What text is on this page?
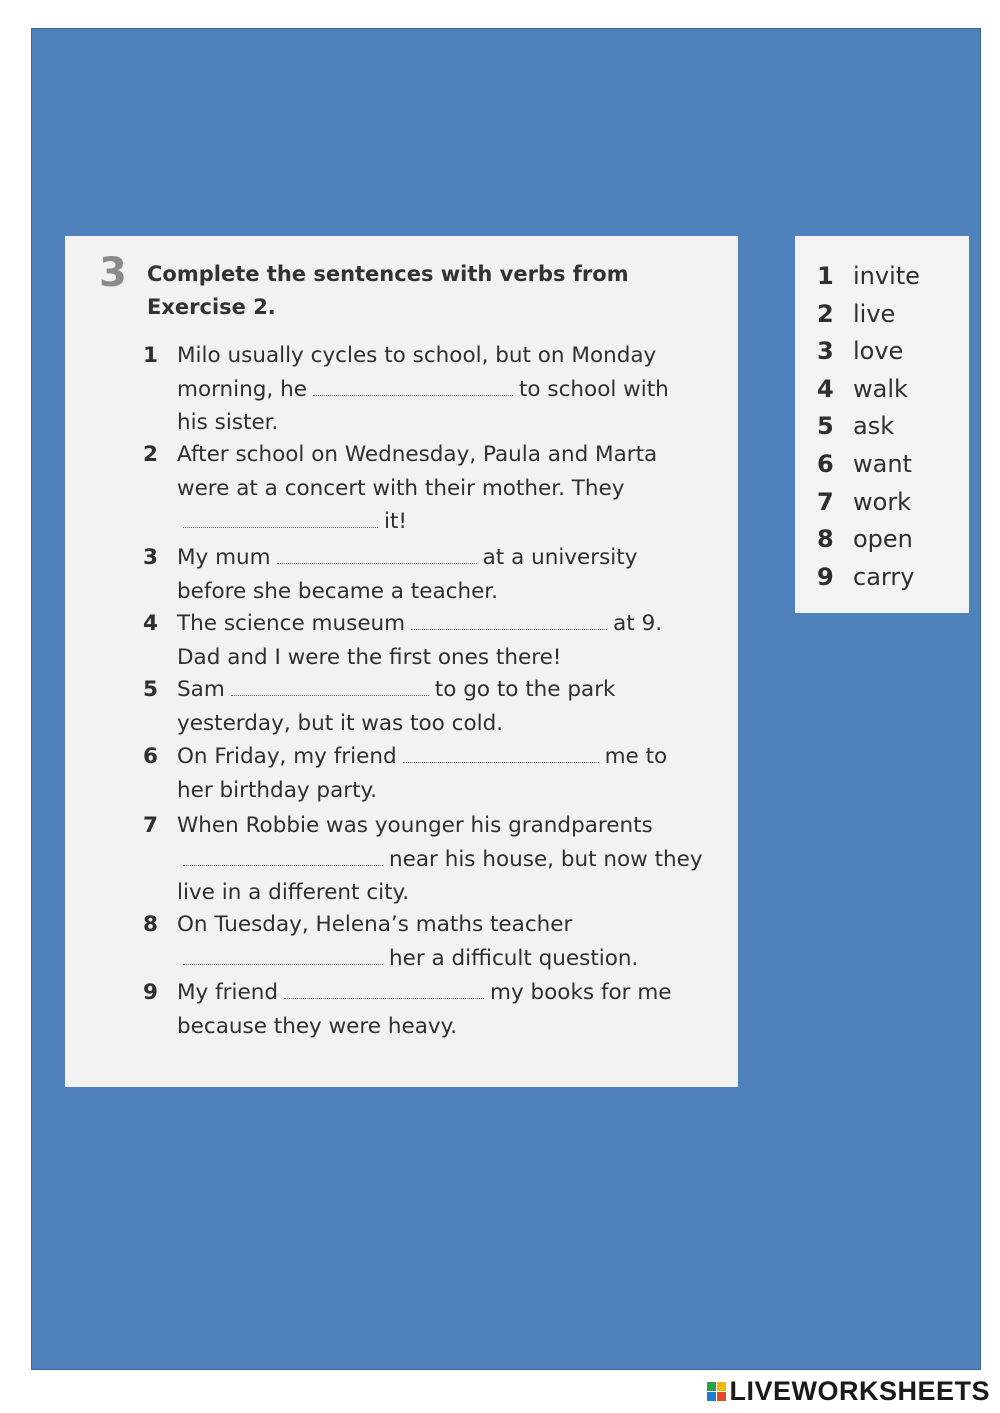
3 Complete the sentences with verbs from Exercise 2.
1 Milo usually cycles to school, but on Monday morning, he	to school with his sister.
2 After school on Wednesday, Paula and Marta were at a concert with their mother. Theyit!
3 My mum	at a university before she became a teacher.
4 The science museum	at 9. Dad and I were the first ones there!
5 Sam	to go to the park yesterday, but it was too cold.
6 On Friday, my friend	me to her birthday party.
7 When Robbie was younger his grandparentsnear his house, but now they live in a different city.
8 On Tuesday, Helena’s maths teacherher a difficult question.
9 My friend	my books for me because they were heavy.
1 invite
2 live
3 love
4 walk
5 ask
6 want
7 work
8 open
9 carry
LIVEWORKSHEETS
